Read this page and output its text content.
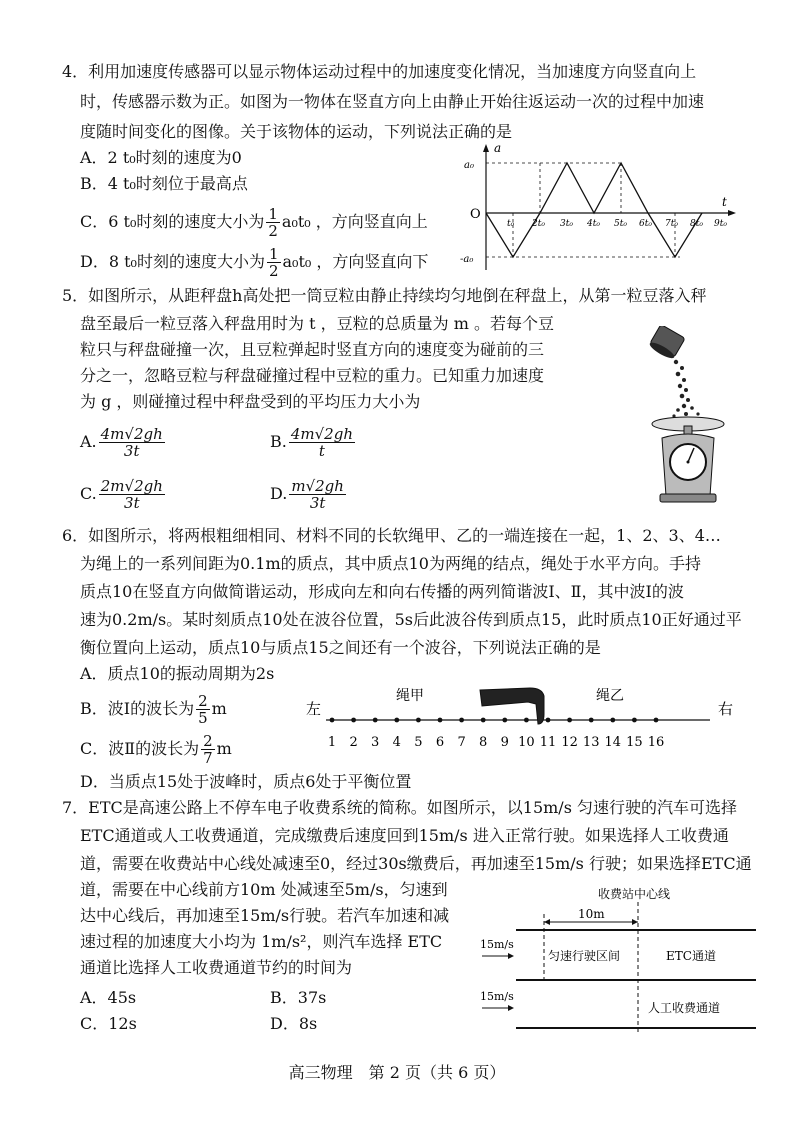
4．利用加速度传感器可以显示物体运动过程中的加速度变化情况，当加速度方向竖直向上
时，传感器示数为正。如图为一物体在竖直方向上由静止开始往返运动一次的过程中加速
度随时间变化的图像。关于该物体的运动，下列说法正确的是
A．2 t₀时刻的速度为0
B．4 t₀时刻位于最高点
C．6 t₀时刻的速度大小为 $\frac{1}{2} a_0t_0$ ，方向竖直向上
D．8 t₀时刻的速度大小为 $\frac{1}{2} a_0t_0$ ，方向竖直向下
a
t
O
a₀
-a₀
t₀ 2t₀ 3t₀ 4t₀ 5t₀ 6t₀ 7t₀ 8t₀ 9t₀
5．如图所示，从距秤盘h高处把一筒豆粒由静止持续均匀地倒在秤盘上，从第一粒豆落入秤
盘至最后一粒豆落入秤盘用时为 t ，豆粒的总质量为 m 。若每个豆
粒只与秤盘碰撞一次，且豆粒弹起时竖直方向的速度变为碰前的三
分之一，忽略豆粒与秤盘碰撞过程中豆粒的重力。已知重力加速度
为 g ，则碰撞过程中秤盘受到的平均压力大小为
A. $\frac{4m√2gh}{3t}$	B. $\frac{4m√2gh}{t}$
C. $\frac{2m√2gh}{3t}$	D. $\frac{m√2gh}{3t}$
6．如图所示，将两根粗细相同、材料不同的长软绳甲、乙的一端连接在一起，1、2、3、4…
为绳上的一系列间距为0.1m的质点，其中质点10为两绳的结点，绳处于水平方向。手持
质点10在竖直方向做简谐运动，形成向左和向右传播的两列简谐波Ⅰ、Ⅱ，其中波Ⅰ的波
速为0.2m/s。某时刻质点10处在波谷位置，5s后此波谷传到质点15，此时质点10正好通过平
衡位置向上运动，质点10与质点15之间还有一个波谷，下列说法正确的是
A．质点10的振动周期为2s
B．波Ⅰ的波长为 $\frac{2}{5}$ m
C．波Ⅱ的波长为 $\frac{2}{7}$ m
D．当质点15处于波峰时，质点6处于平衡位置
左	右
绳甲	绳乙
1 2 3 4 5 6 7 8 9 10 11 12 13 14 15 16
7．ETC是高速公路上不停车电子收费系统的简称。如图所示，以15m/s 匀速行驶的汽车可选择
ETC通道或人工收费通道，完成缴费后速度回到15m/s 进入正常行驶。如果选择人工收费通
道，需要在收费站中心线处减速至0，经过30s缴费后，再加速至15m/s 行驶；如果选择ETC通
道，需要在中心线前方10m 处减速至5m/s，匀速到
达中心线后，再加速至15m/s行驶。若汽车加速和减
速过程的加速度大小均为 1m/s²，则汽车选择 ETC
通道比选择人工收费通道节约的时间为
A．45s	B．37s
C．12s	D．8s
收费站中心线
10m
15m/s
15m/s
匀速行驶区间	ETC通道
人工收费通道
高三物理　第 2 页（共 6 页）
